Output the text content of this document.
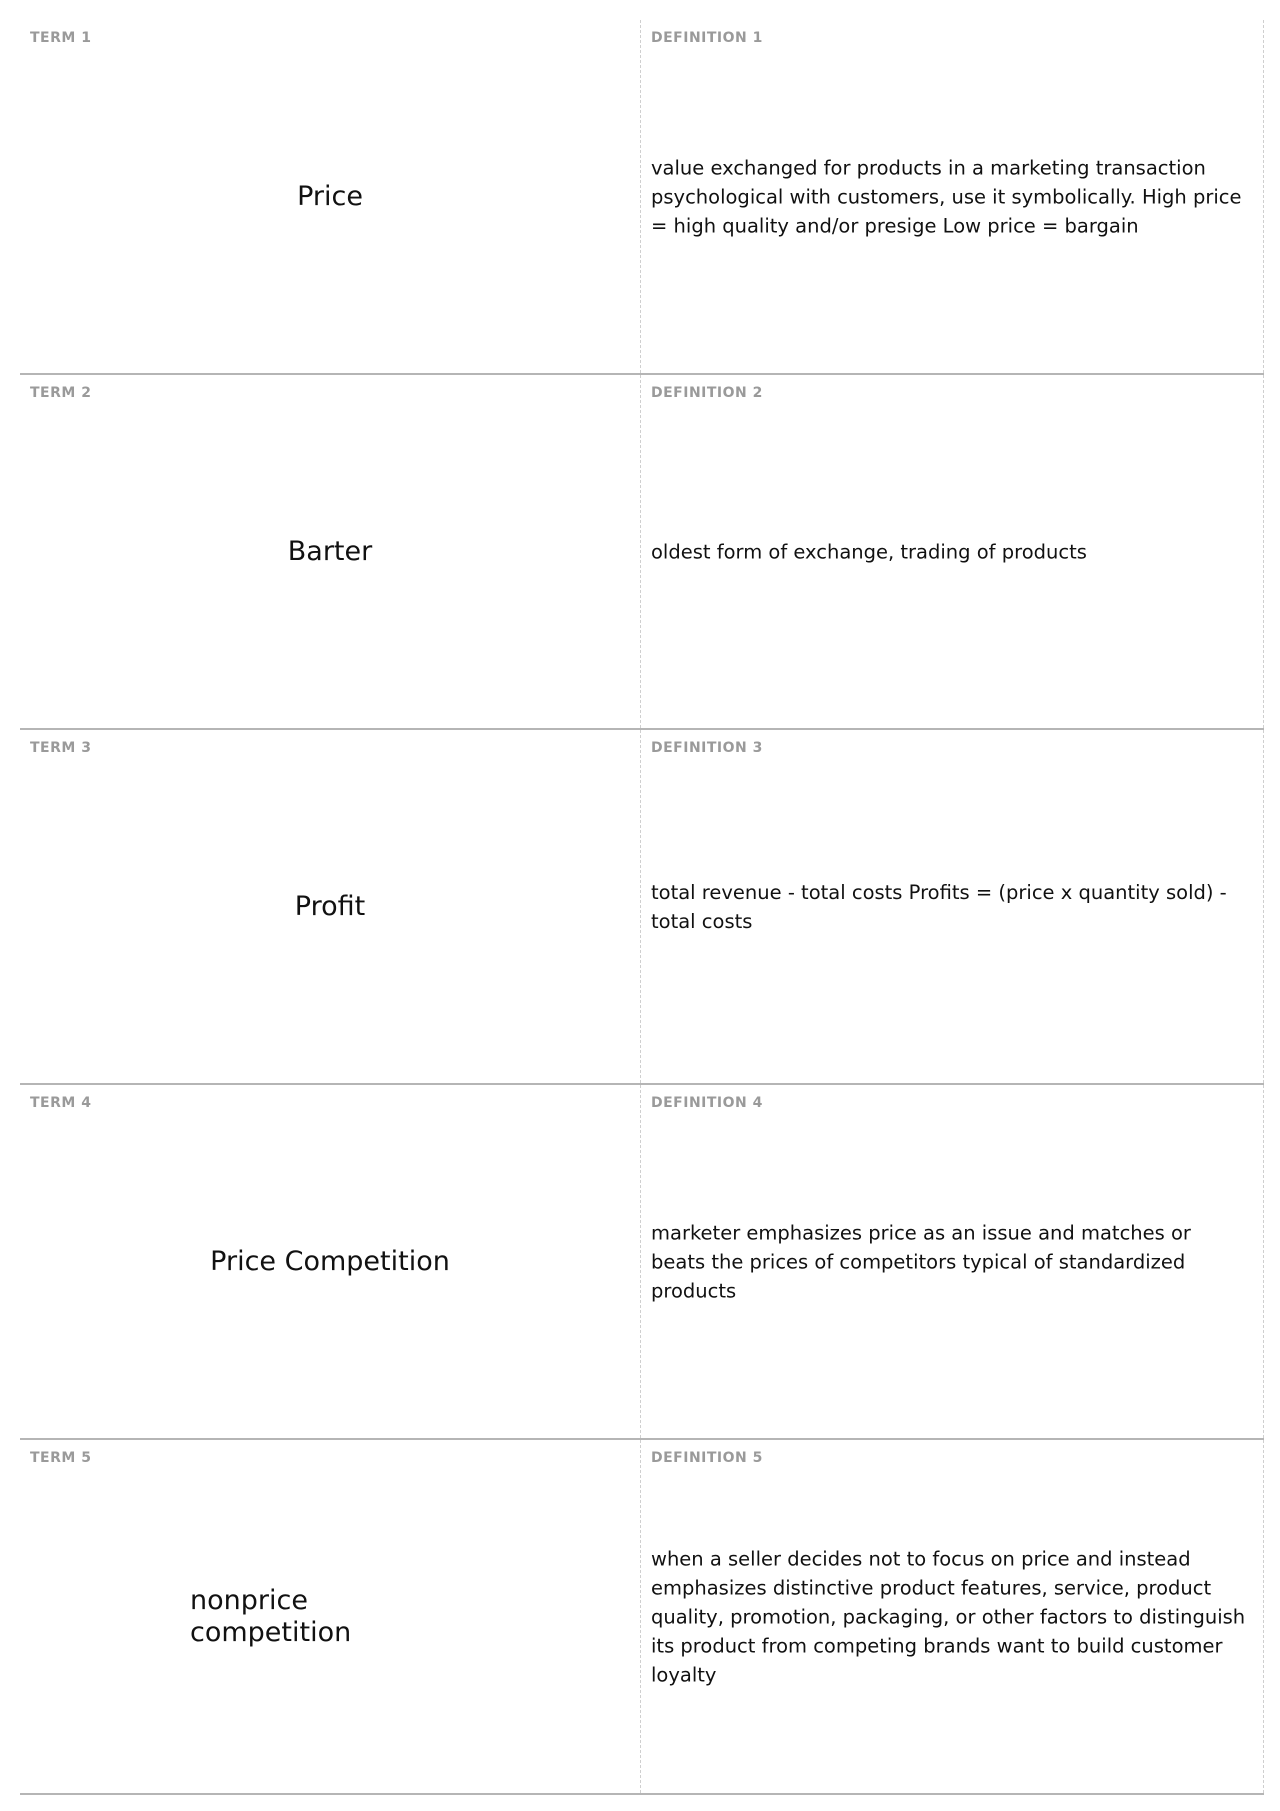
TERM 1
Price
DEFINITION 1
value exchanged for products in a marketing transaction psychological with customers, use it symbolically. High price = high quality and/or presige Low price = bargain
TERM 2
Barter
DEFINITION 2
oldest form of exchange, trading of products
TERM 3
Profit
DEFINITION 3
total revenue - total costs Profits = (price x quantity sold) - total costs
TERM 4
Price Competition
DEFINITION 4
marketer emphasizes price as an issue and matches or beats the prices of competitors typical of standardized products
TERM 5
nonprice competition
DEFINITION 5
when a seller decides not to focus on price and instead emphasizes distinctive product features, service, product quality, promotion, packaging, or other factors to distinguish its product from competing brands want to build customer loyalty
